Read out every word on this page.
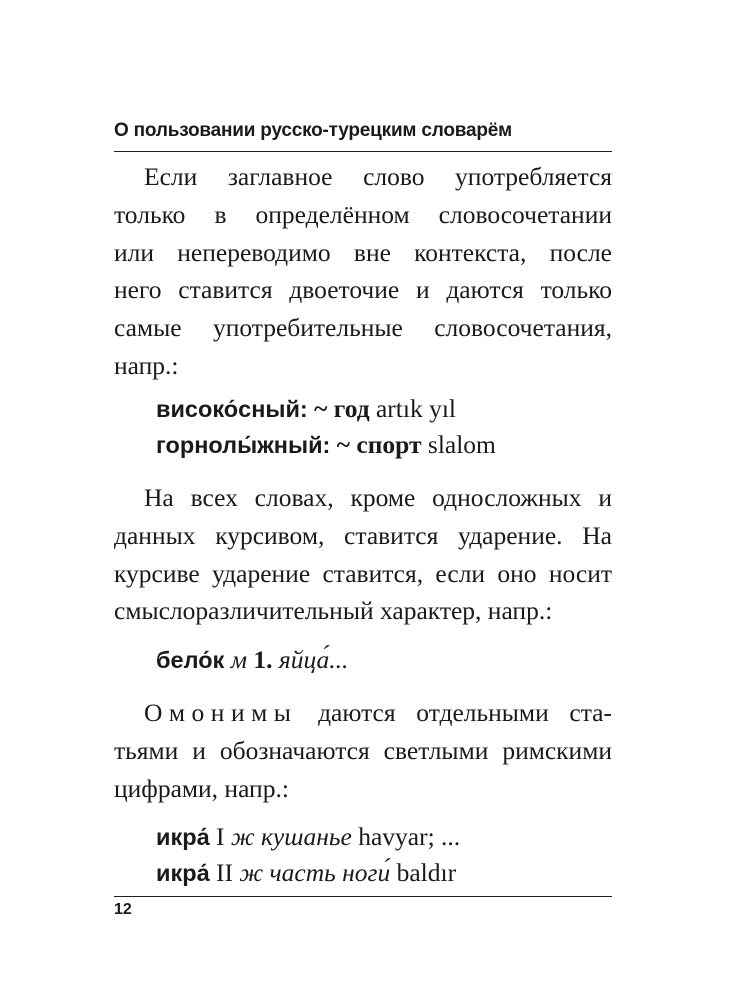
О пользовании русско-турецким словарём
Если заглавное слово употребляется
только в определённом словосочетании
или непереводимо вне контекста, после
него ставится двоеточие и даются только
самые употребительные словосочетания,
напр.:
високо́сный: ~ год artık yıl
горнолы́жный: ~ спорт slalom
На всех словах, кроме односложных и
данных курсивом, ставится ударение. На
курсиве ударение ставится, если оно носит
смыслоразличительный характер, напр.:
бело́к м 1. яйца́...
Омонимы даются отдельными ста-
тьями и обозначаются светлыми римскими
цифрами, напр.:
икра́ I ж кушанье havyar; ...
икра́ II ж часть ноги́ baldır
12
